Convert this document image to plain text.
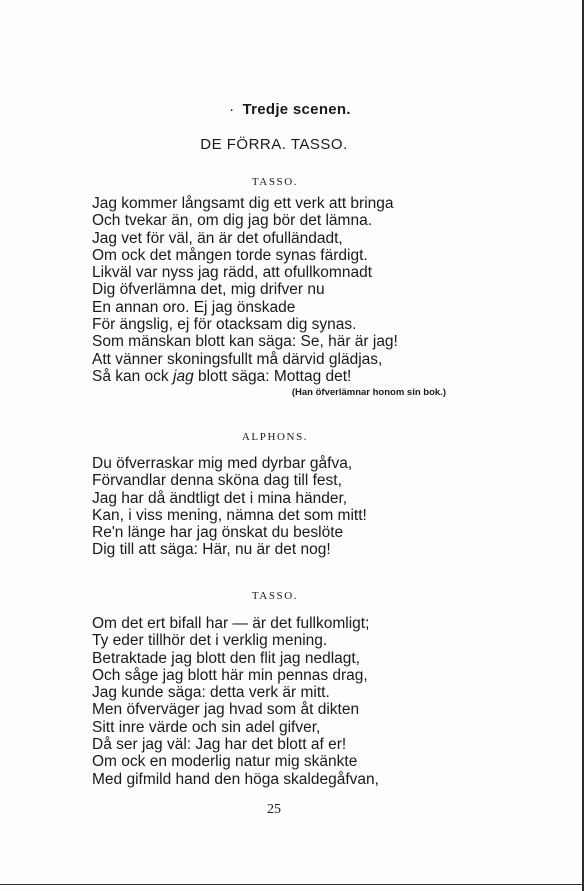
· Tredje scenen.
DE FÖRRA. TASSO.
TASSO.
Jag kommer långsamt dig ett verk att bringa
Och tvekar än, om dig jag bör det lämna.
Jag vet för väl, än är det ofulländadt,
Om ock det mången torde synas färdigt.
Likväl var nyss jag rädd, att ofullkomnadt
Dig öfverlämna det, mig drifver nu
En annan oro. Ej jag önskade
För ängslig, ej för otacksam dig synas.
Som mänskan blott kan säga: Se, här är jag!
Att vänner skoningsfullt må därvid glädjas,
Så kan ock jag blott säga: Mottag det!
(Han öfverlämnar honom sin bok.)
ALPHONS.
Du öfverraskar mig med dyrbar gåfva,
Förvandlar denna sköna dag till fest,
Jag har då ändtligt det i mina händer,
Kan, i viss mening, nämna det som mitt!
Re'n länge har jag önskat du beslöte
Dig till att säga: Här, nu är det nog!
TASSO.
Om det ert bifall har — är det fullkomligt;
Ty eder tillhör det i verklig mening.
Betraktade jag blott den flit jag nedlagt,
Och såge jag blott här min pennas drag,
Jag kunde säga: detta verk är mitt.
Men öfverväger jag hvad som åt dikten
Sitt inre värde och sin adel gifver,
Då ser jag väl: Jag har det blott af er!
Om ock en moderlig natur mig skänkte
Med gifmild hand den höga skaldegåfvan,
25
